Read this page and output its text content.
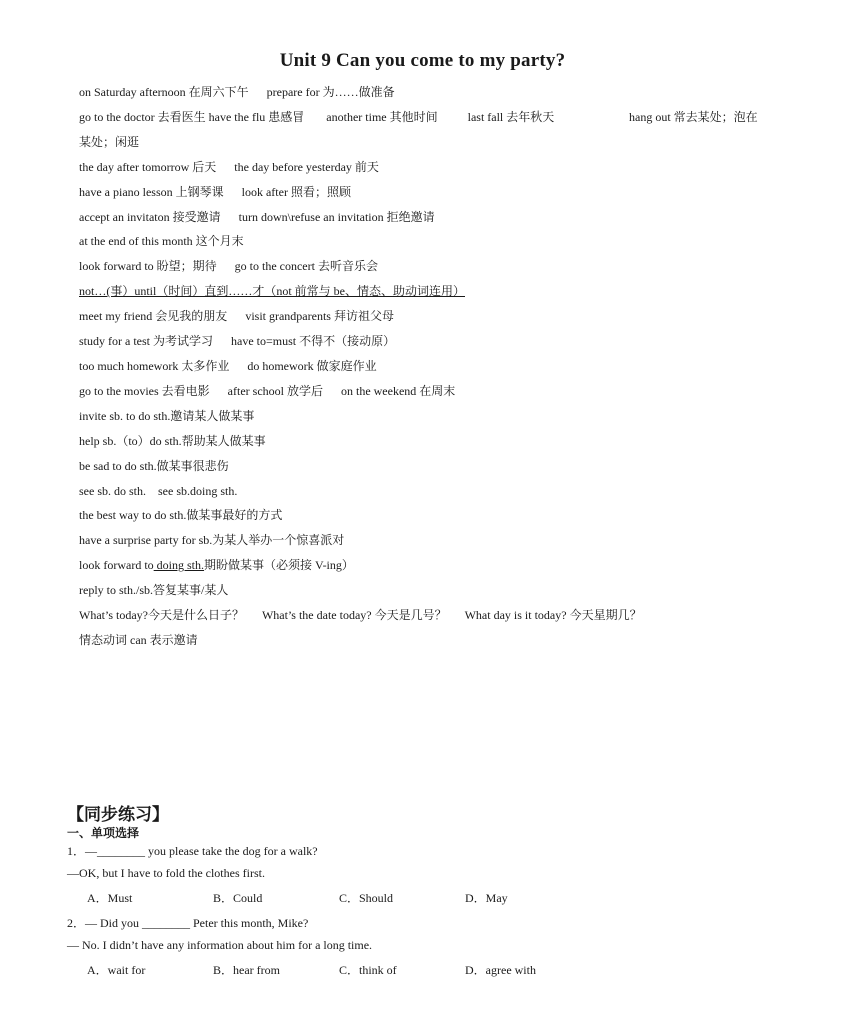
Unit 9 Can you come to my party?
on Saturday afternoon 在周六下午 prepare for 为……做准备
go to the doctor 去看医生 have the flu 患感冒 another time 其他时间	last fall 去年秋天	hang out 常去某处；泡在
某处；闲逛
the day after tomorrow 后天 the day before yesterday 前天
have a piano lesson 上钢琴课 look after 照看；照顾
accept an invitaton 接受邀请 turn down\refuse an invitation 拒绝邀请
at the end of this month 这个月末
look forward to 盼望；期待 go to the concert 去听音乐会
not…(事）until（时间）直到……才（not 前常与 be、情态、助动词连用）
meet my friend 会见我的朋友 visit grandparents 拜访祖父母
study for a test 为考试学习 have to=must 不得不（接动原）
too much homework 太多作业 do homework 做家庭作业
go to the movies 去看电影 after school 放学后 on the weekend 在周末
invite sb. to do sth.邀请某人做某事
help sb.（to）do sth.帮助某人做某事
be sad to do sth.做某事很悲伤
see sb. do sth. see sb.doing sth.
the best way to do sth.做某事最好的方式
have a surprise party for sb.为某人举办一个惊喜派对
look forward to doing sth.期盼做某事（必须接 V-ing）
reply to sth./sb.答复某事/某人
What’s today?今天是什么日子？ What’s the date today? 今天是几号？ What day is it today? 今天星期几？
情态动词 can 表示邀请
【同步练习】
一、单项选择
1．—________ you please take the dog for a walk?
—OK, but I have to fold the clothes first.
A．Must	B．Could	C．Should	D．May
2．— Did you ________ Peter this month, Mike?
— No. I didn’t have any information about him for a long time.
A．wait for	B．hear from	C．think of	D．agree with
